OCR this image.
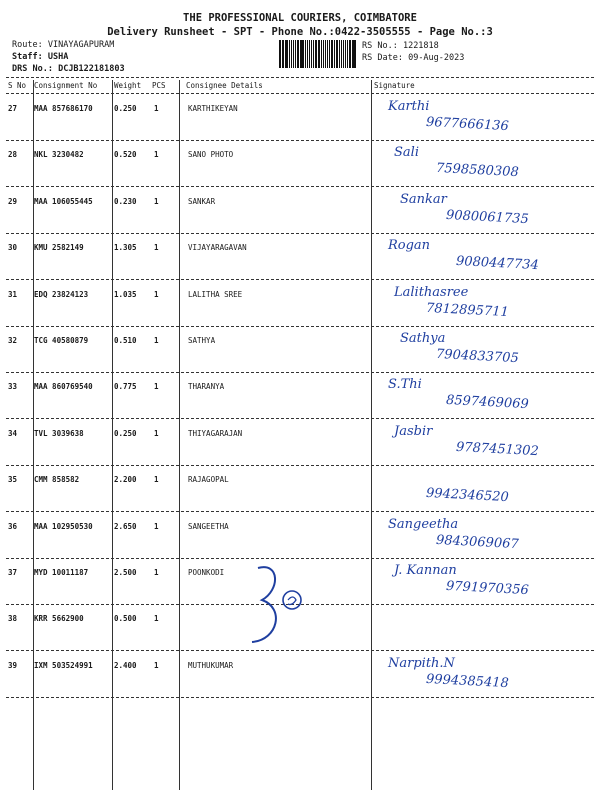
THE PROFESSIONAL COURIERS, COIMBATORE
Delivery Runsheet - SPT - Phone No.:0422-3505555 - Page No.:3
Route: VINAYAGAPURAM
Staff: USHA
DRS No.: DCJB122181803
RS No.: 1221818
RS Date: 09-Aug-2023
S No Consignment No Weight PCS	Consignee Details	Signature
27 MAA 857686170	0.250 1	KARTHIKEYAN	Karthi
9677666136
28 NKL 3230482	0.520 1	SANO PHOTO	Sali
7598580308
29 MAA 106055445	0.230 1	SANKAR	Sankar
9080061735
30 KMU 2582149	1.305 1	VIJAYARAGAVAN	Rogan
9080447734
31 EDQ 23824123	1.035 1	LALITHA SREE	Lalithasree
7812895711
32 TCG 40580879	0.510 1	SATHYA	Sathya
7904833705
33 MAA 860769540	0.775 1	THARANYA	S.Thi
8597469069
34 TVL 3039638	0.250 1	THIYAGARAJAN	Jasbir
9787451302
35 CMM 858582	2.200 1	RAJAGOPAL
9942346520
36 MAA 102950530	2.650 1	SANGEETHA	Sangeetha
9843069067
37 MYD 10011187	2.500 1	POONKODI	J. Kannan
9791970356
38 KRR 5662900	0.500 1
39 IXM 503524991	2.400 1	MUTHUKUMAR	Narpith.N
9994385418
